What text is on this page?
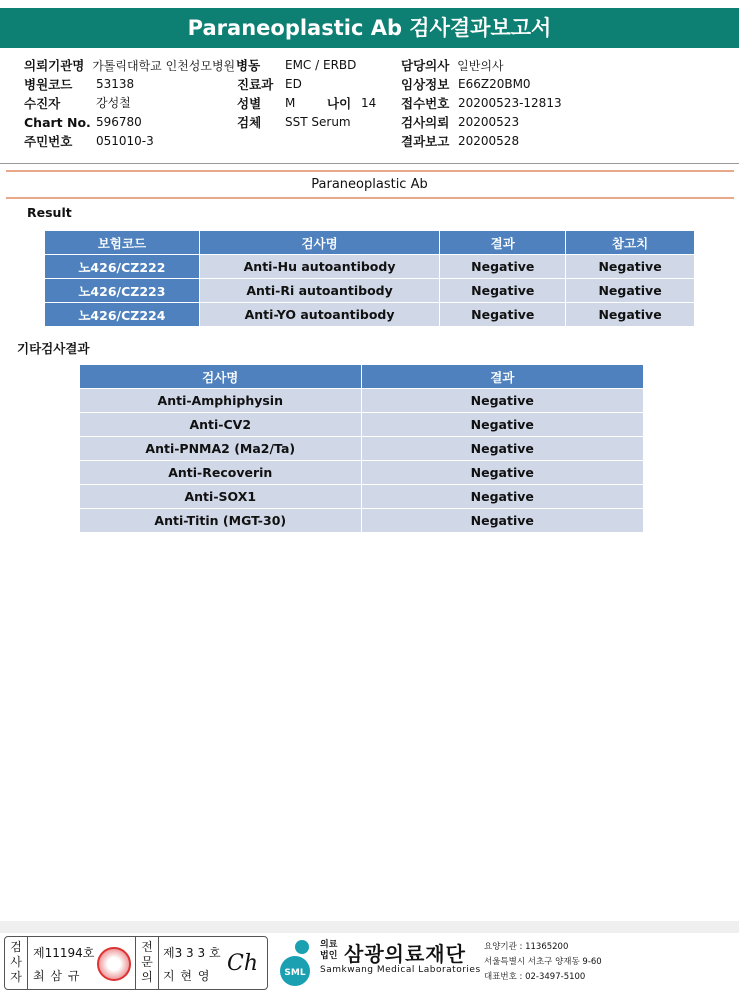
Paraneoplastic Ab 검사결과보고서
의뢰기관명 가톨릭대학교 인천성모병원 병동 EMC / ERBD	담당의사 일반의사
병원코드 53138	진료과 ED	임상정보 E66Z20BM0
수진자	강성철	성별 M	나이 14 접수번호 20200523-12813
Chart No. 596780	검체 SST Serum	검사의뢰 20200523
주민번호 051010-3	결과보고 20200528
Paraneoplastic Ab
Result
보험코드	검사명	결과	참고치
노426/CZ222	Anti-Hu autoantibody	Negative	Negative
노426/CZ223	Anti-Ri autoantibody	Negative	Negative
노426/CZ224	Anti-YO autoantibody	Negative	Negative
기타검사결과
검사명	결과
Anti-Amphiphysin	Negative
Anti-CV2	Negative
Anti-PNMA2 (Ma2/Ta)	Negative
Anti-Recoverin	Negative
Anti-SOX1	Negative
Anti-Titin (MGT-30)	Negative
검
사
자
제11194호
최 삼 규
전
문
의
제3 3 3 호
지 현 영 Ch	SML
의료 법인 삼광의료재단
Samkwang Medical Laboratories
요양기관 : 11365200
서울특별시 서초구 양재동 9-60
대표번호 : 02-3497-5100
